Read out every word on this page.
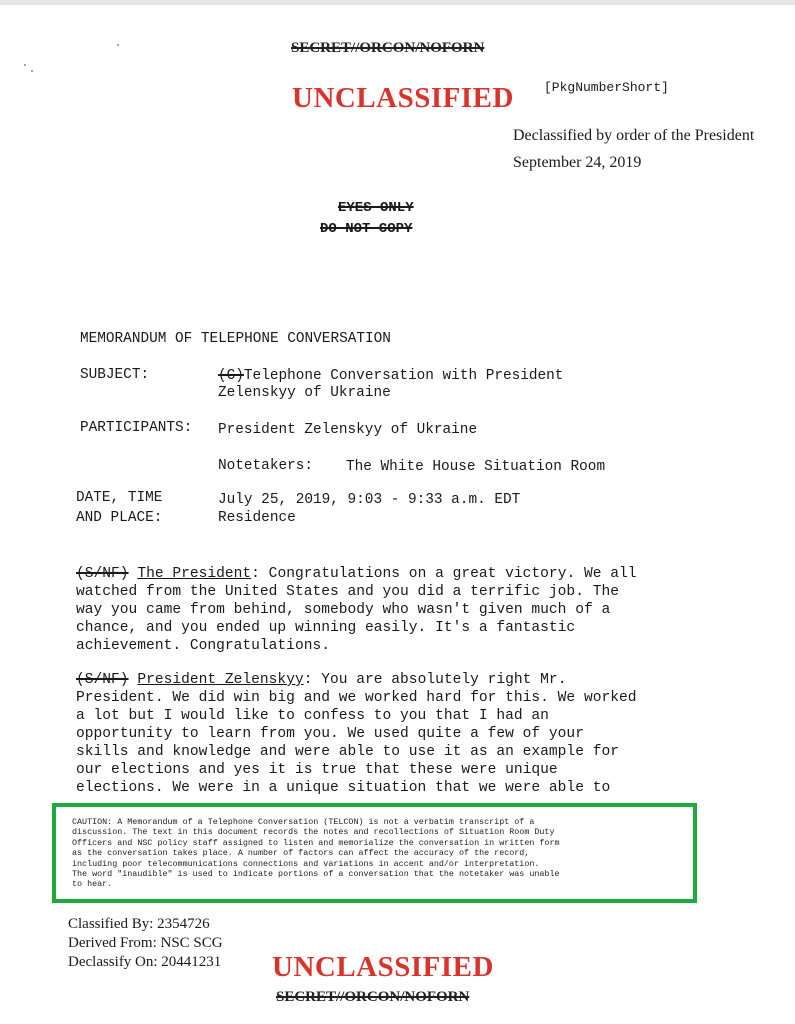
SECRET//ORCON/NOFORN
UNCLASSIFIED [PkgNumberShort]
Declassified by order of the President
September 24, 2019
EYES ONLY
DO NOT COPY
MEMORANDUM OF TELEPHONE CONVERSATION
SUBJECT:	(C)Telephone Conversation with President
Zelenskyy of Ukraine
PARTICIPANTS: President Zelenskyy of Ukraine
Notetakers: The White House Situation Room
DATE, TIME
AND PLACE:
July 25, 2019, 9:03 - 9:33 a.m. EDT
Residence
(S/NF) The President: Congratulations on a great victory. We all
watched from the United States and you did a terrific job. The
way you came from behind, somebody who wasn't given much of a
chance, and you ended up winning easily. It's a fantastic
achievement. Congratulations.
(S/NF) President Zelenskyy: You are absolutely right Mr.
President. We did win big and we worked hard for this. We worked
a lot but I would like to confess to you that I had an
opportunity to learn from you. We used quite a few of your
skills and knowledge and were able to use it as an example for
our elections and yes it is true that these were unique
elections. We were in a unique situation that we were able to
CAUTION: A Memorandum of a Telephone Conversation (TELCON) is not a verbatim transcript of a
discussion. The text in this document records the notes and recollections of Situation Room Duty
Officers and NSC policy staff assigned to listen and memorialize the conversation in written form
as the conversation takes place. A number of factors can affect the accuracy of the record,
including poor telecommunications connections and variations in accent and/or interpretation.
The word "inaudible" is used to indicate portions of a conversation that the notetaker was unable
to hear.
Classified By: 2354726
Derived From: NSC SCG
Declassify On: 20441231 UNCLASSIFIED
SECRET//ORCON/NOFORN
